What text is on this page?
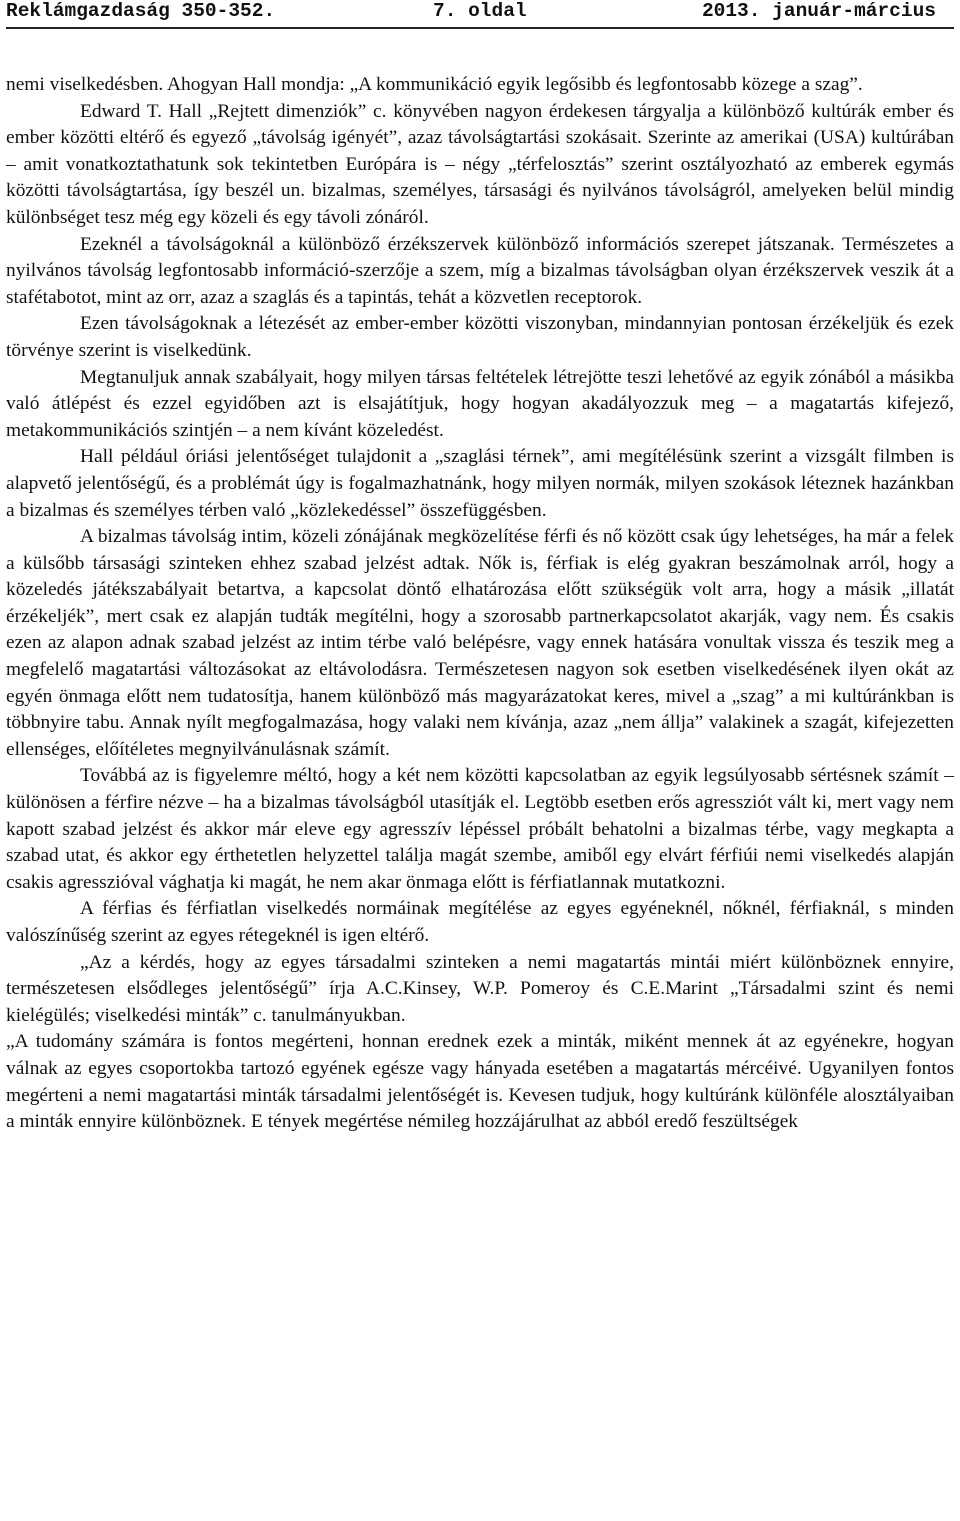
Reklámgazdaság 350-352.	7. oldal	2013. január-március

nemi viselkedésben. Ahogyan Hall mondja: „A kommunikáció egyik legősibb és legfontosabb közege a szag”.

Edward T. Hall „Rejtett dimenziók” c. könyvében nagyon érdekesen tárgyalja a különböző kultúrák ember és ember közötti eltérő és egyező „távolság igényét”, azaz távolságtartási szokásait. Szerinte az amerikai (USA) kultúrában – amit vonatkoztathatunk sok tekintetben Európára is – négy „térfelosztás” szerint osztályozható az emberek egymás közötti távolságtartása, így beszél un. bizalmas, személyes, társasági és nyilvános távolságról, amelyeken belül mindig különbséget tesz még egy közeli és egy távoli zónáról.

Ezeknél a távolságoknál a különböző érzékszervek különböző információs szerepet játszanak. Természetes a nyilvános távolság legfontosabb információ-szerzője a szem, míg a bizalmas távolságban olyan érzékszervek veszik át a stafétabotot, mint az orr, azaz a szaglás és a tapintás, tehát a közvetlen receptorok.

Ezen távolságoknak a létezését az ember-ember közötti viszonyban, mindannyian pontosan érzékeljük és ezek törvénye szerint is viselkedünk.

Megtanuljuk annak szabályait, hogy milyen társas feltételek létrejötte teszi lehetővé az egyik zónából a másikba való átlépést és ezzel egyidőben azt is elsajátítjuk, hogy hogyan akadályozzuk meg – a magatartás kifejező, metakommunikációs szintjén – a nem kívánt közeledést.

Hall például óriási jelentőséget tulajdonit a „szaglási térnek”, ami megítélésünk szerint a vizsgált filmben is alapvető jelentőségű, és a problémát úgy is fogalmazhatnánk, hogy milyen normák, milyen szokások léteznek hazánkban a bizalmas és személyes térben való „közlekedéssel” összefüggésben.

A bizalmas távolság intim, közeli zónájának megközelítése férfi és nő között csak úgy lehetséges, ha már a felek a külsőbb társasági szinteken ehhez szabad jelzést adtak. Nők is, férfiak is elég gyakran beszámolnak arról, hogy a közeledés játékszabályait betartva, a kapcsolat döntő elhatározása előtt szükségük volt arra, hogy a másik „illatát érzékeljék”, mert csak ez alapján tudták megítélni, hogy a szorosabb partnerkapcsolatot akarják, vagy nem. És csakis ezen az alapon adnak szabad jelzést az intim térbe való belépésre, vagy ennek hatására vonultak vissza és teszik meg a megfelelő magatartási változásokat az eltávolodásra. Természetesen nagyon sok esetben viselkedésének ilyen okát az egyén önmaga előtt nem tudatosítja, hanem különböző más magyarázatokat keres, mivel a „szag” a mi kultúránkban is többnyire tabu. Annak nyílt megfogalmazása, hogy valaki nem kívánja, azaz „nem állja” valakinek a szagát, kifejezetten ellenséges, előítéletes megnyilvánulásnak számít.

Továbbá az is figyelemre méltó, hogy a két nem közötti kapcsolatban az egyik legsúlyosabb sértésnek számít – különösen a férfire nézve – ha a bizalmas távolságból utasítják el. Legtöbb esetben erős agressziót vált ki, mert vagy nem kapott szabad jelzést és akkor már eleve egy agresszív lépéssel próbált behatolni a bizalmas térbe, vagy megkapta a szabad utat, és akkor egy érthetetlen helyzettel találja magát szembe, amiből egy elvárt férfiúi nemi viselkedés alapján csakis agresszióval vághatja ki magát, he nem akar önmaga előtt is férfiatlannak mutatkozni.

A férfias és férfiatlan viselkedés normáinak megítélése az egyes egyéneknél, nőknél, férfiaknál, s minden valószínűség szerint az egyes rétegeknél is igen eltérő.

„Az a kérdés, hogy az egyes társadalmi szinteken a nemi magatartás mintái miért különböznek ennyire, természetesen elsődleges jelentőségű” írja A.C.Kinsey, W.P. Pomeroy és C.E.Marint „Társadalmi szint és nemi kielégülés; viselkedési minták” c. tanulmányukban.

„A tudomány számára is fontos megérteni, honnan erednek ezek a minták, miként mennek át az egyénekre, hogyan válnak az egyes csoportokba tartozó egyének egésze vagy hányada esetében a magatartás mércéivé. Ugyanilyen fontos megérteni a nemi magatartási minták társadalmi jelentőségét is. Kevesen tudjuk, hogy kultúránk különféle alosztályaiban a minták ennyire különböznek. E tények megértése némileg hozzájárulhat az abból eredő feszültségek
